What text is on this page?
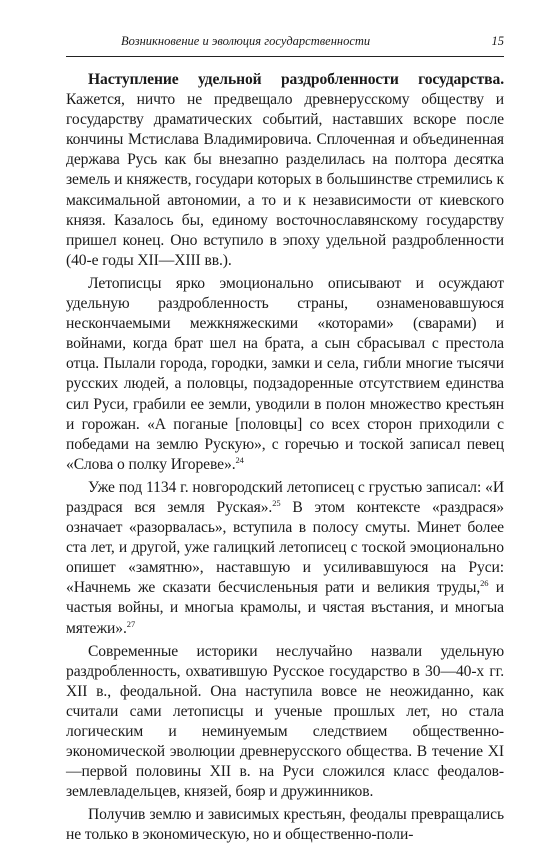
Возникновение и эволюция государственности	15

Наступление удельной раздробленности государства. Кажется, ничто не предвещало древнерусскому обществу и государству драматических событий, наставших вскоре после кончины Мстислава Владимировича. Сплоченная и объединенная держава Русь как бы внезапно разделилась на полтора десятка земель и княжеств, государи которых в большинстве стремились к максимальной автономии, а то и к независимости от киевского князя. Казалось бы, единому восточнославянскому государству пришел конец. Оно вступило в эпоху удельной раздробленности (40-е годы XII—XIII вв.).

Летописцы ярко эмоционально описывают и осуждают удельную раздробленность страны, ознаменовавшуюся нескончаемыми межкняжескими «которами» (сварами) и войнами, когда брат шел на брата, а сын сбрасывал с престола отца. Пылали города, городки, замки и села, гибли многие тысячи русских людей, а половцы, подзадоренные отсутствием единства сил Руси, грабили ее земли, уводили в полон множество крестьян и горожан. «А поганые [половцы] со всех сторон приходили с победами на землю Рускую», с горечью и тоской записал певец «Слова о полку Игореве».$^{24}$

Уже под 1134 г. новгородский летописец с грустью записал: «И раздрася вся земля Руская».$^{25}$ В этом контексте «раздрася» означает «разорвалась», вступила в полосу смуты. Минет более ста лет, и другой, уже галицкий летописец с тоской эмоционально опишет «замятню», наставшую и усиливавшуюся на Руси: «Начнемь же сказати бесчисленьныя рати и великия труды,$^{26}$ и частыя войны, и многыа крамолы, и чястая въстания, и многыа мятежи».$^{27}$

Современные историки неслучайно назвали удельную раздробленность, охватившую Русское государство в 30—40-х гг. XII в., феодальной. Она наступила вовсе не неожиданно, как считали сами летописцы и ученые прошлых лет, но стала логическим и неминуемым следствием общественно-экономической эволюции древнерусского общества. В течение XI—первой половины XII в. на Руси сложился класс феодалов-землевладельцев, князей, бояр и дружинников.

Получив землю и зависимых крестьян, феодалы превращались не только в экономическую, но и общественно-поли-
